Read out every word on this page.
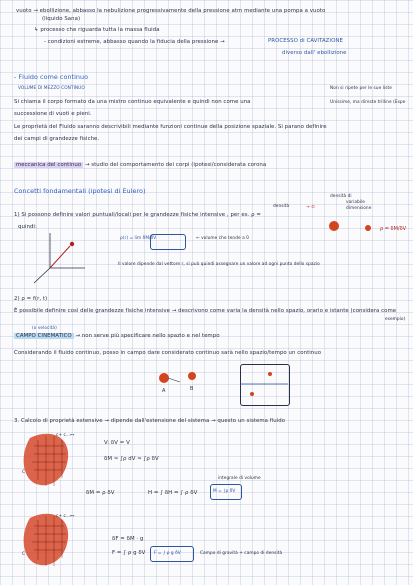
vuoto → ebollizione, abbasso la nebulizione progressivamente della pressione atm mediante una pompa a vuoto
(liquido Sana)
↳ processo che riguarda tutta la massa fluida
- condizioni estreme, abbasso quando la fiducia della pressione →	PROCESSO di CAVITAZIONE
diverso dall' ebollizione
- Fluido come continuo
VOLUME DI MEZZO CONTINUO	Non si ripete per le sue liste
Unissime, ma direste trilline (Espe
Si chiama il corpo formato da una mistro continuo equivalente e quindi non come una
successione di vuoti e pieni.
Le proprietà del Fluido saranno descrivibili mediante funzioni continue della posizione spaziale. Si parano definire
dei campi di grandezze fisiche.
meccanica del continuo → studio del comportamento dei corpi (ipotesi/considerata corona
Concetti fondamentali (ipotesi di Eulero)
1) Si possono definire valori puntuali/locali per le grandezze fisiche intensive , per es. ρ =
densità
quindi:
densità di
variabile
dimensione
ρ(r) = lim δM/δV	← volume che tende a 0
Il valore dipende dal vettore r, si può quindi assegnare un valore ad ogni punto dello spazio
ρ = δM/δV
→ ⊙
2) ρ = f(r, t)
È possibile definire così delle grandezze fisiche intensive → descrivono come varia la densità nello spazio, orario e istante (considera come
esempio)
(o velocità)
CAMPO CINEMATICO → non serve più specificare nello spazio e nel tempo
Considerando il fluido continuo, posso in campo dare considerato continuo sarà nello spazio/tempo un continuo
A	B
3. Calcolo di proprietà estensive → dipende dall'estensione del sistema → questo un sistema fluido
c+ c...⊷
C
V: δV = V
δM ≈ ∫ρ dV ≈ ∫ρ δV
integrale di volume
δM = ρ δV	H = ∫ δH = ∫ ρ δV	M = ∫ρ δV
c+ c...⊷
C
δF = δM · g
F = ∫ ρ g δV F = ∫ ρ g δV	Campo di gravità + campo di densità
